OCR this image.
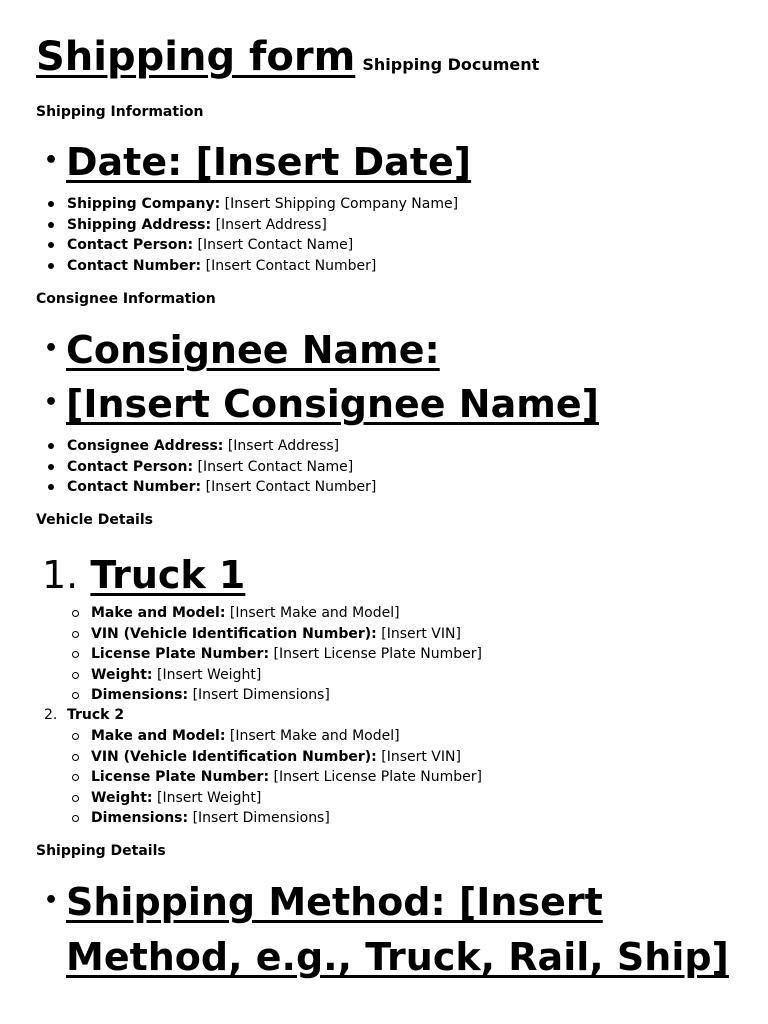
Shipping form Shipping Document
Shipping Information
• Date: [Insert Date]
Shipping Company: [Insert Shipping Company Name]
Shipping Address: [Insert Address]
Contact Person: [Insert Contact Name]
Contact Number: [Insert Contact Number]
Consignee Information
• Consignee Name:
• [Insert Consignee Name]
Consignee Address: [Insert Address]
Contact Person: [Insert Contact Name]
Contact Number: [Insert Contact Number]
Vehicle Details
1. Truck 1
Make and Model: [Insert Make and Model]
VIN (Vehicle Identification Number): [Insert VIN]
License Plate Number: [Insert License Plate Number]
Weight: [Insert Weight]
Dimensions: [Insert Dimensions]
2. Truck 2
Make and Model: [Insert Make and Model]
VIN (Vehicle Identification Number): [Insert VIN]
License Plate Number: [Insert License Plate Number]
Weight: [Insert Weight]
Dimensions: [Insert Dimensions]
Shipping Details
• Shipping Method: [Insert
Method, e.g., Truck, Rail, Ship]
